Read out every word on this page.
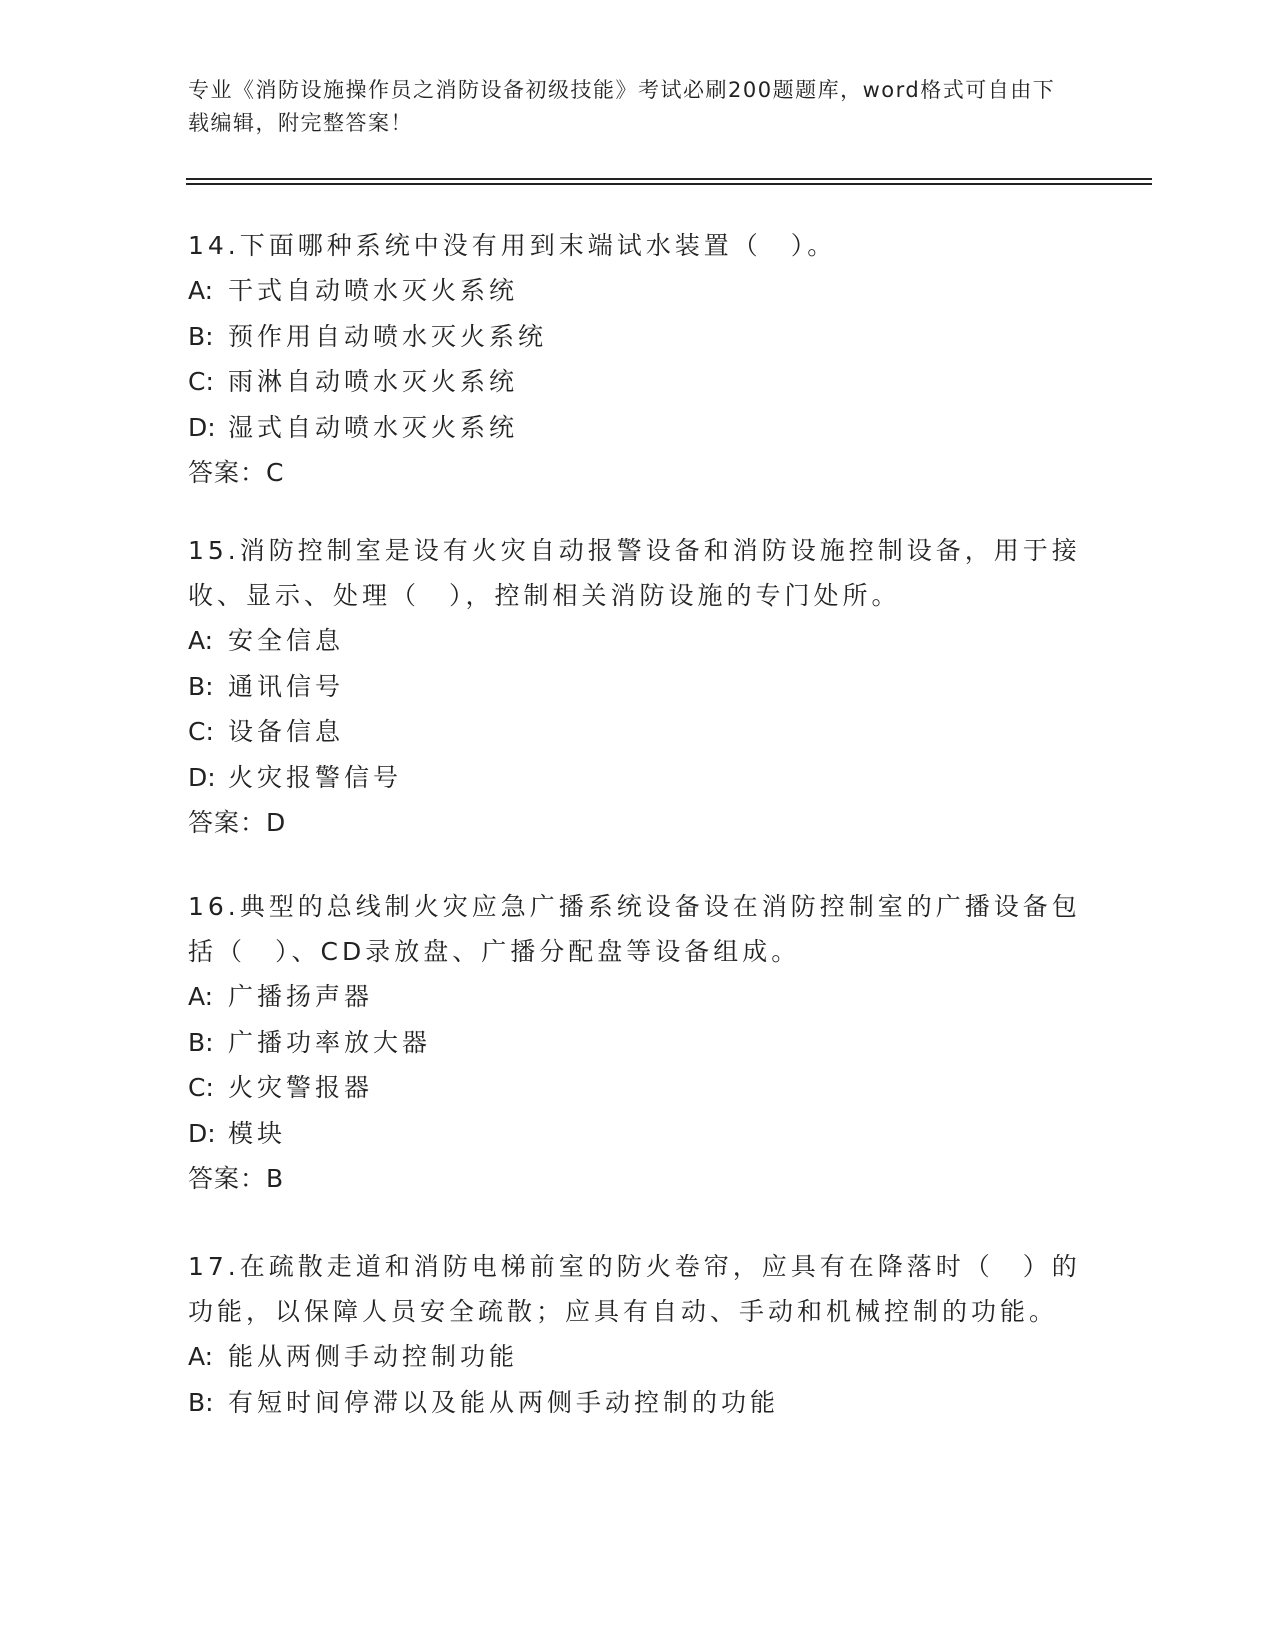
专业《消防设施操作员之消防设备初级技能》考试必刷200题题库，word格式可自由下载编辑，附完整答案！

14.下面哪种系统中没有用到末端试水装置（　）。

A: 干式自动喷水灭火系统
B: 预作用自动喷水灭火系统
C: 雨淋自动喷水灭火系统
D: 湿式自动喷水灭火系统
答案：C

15.消防控制室是设有火灾自动报警设备和消防设施控制设备，用于接收、显示、处理（　），控制相关消防设施的专门处所。

A: 安全信息
B: 通讯信号
C: 设备信息
D: 火灾报警信号
答案：D

16.典型的总线制火灾应急广播系统设备设在消防控制室的广播设备包括（　）、CD录放盘、广播分配盘等设备组成。

A: 广播扬声器
B: 广播功率放大器
C: 火灾警报器
D: 模块
答案：B

17.在疏散走道和消防电梯前室的防火卷帘，应具有在降落时（　）的功能，以保障人员安全疏散；应具有自动、手动和机械控制的功能。

A: 能从两侧手动控制功能
B: 有短时间停滞以及能从两侧手动控制的功能
